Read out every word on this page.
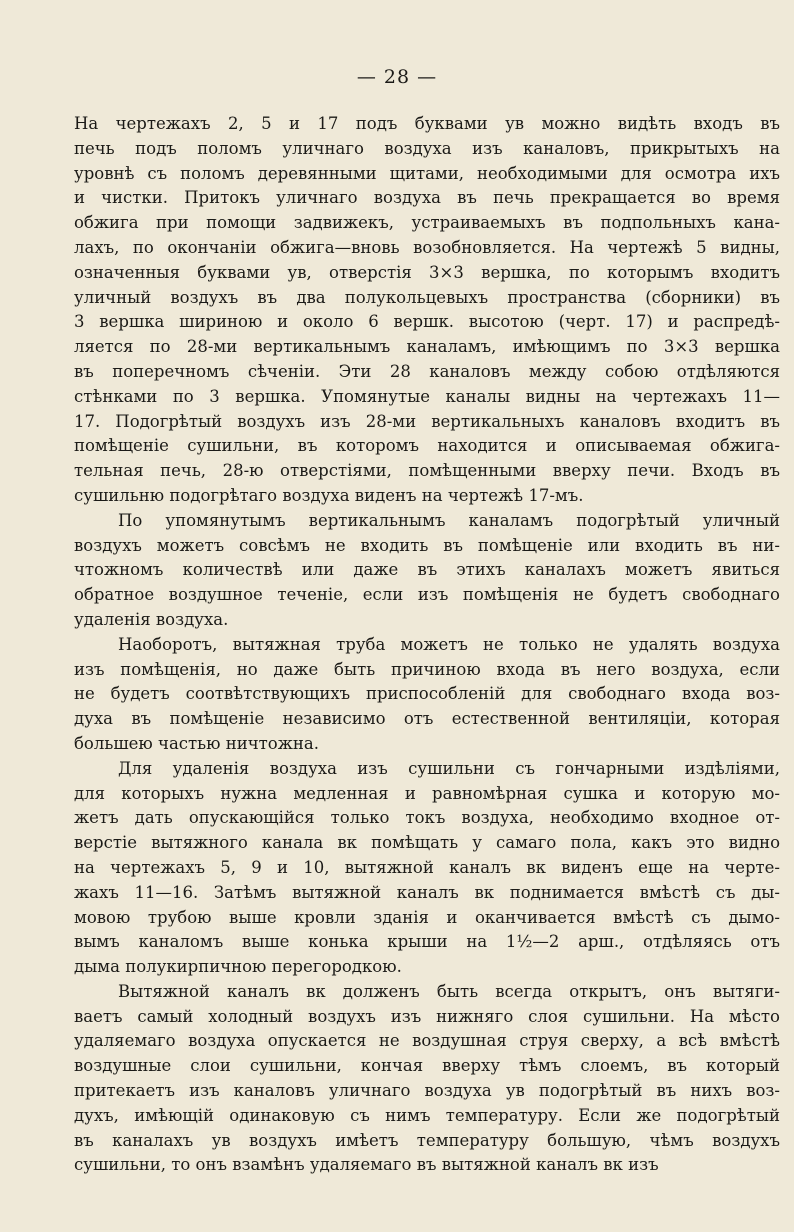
— 28 —
На чертежахъ 2, 5 и 17 подъ буквами ув можно видѣть входъ въ
печь подъ поломъ уличнаго воздуха изъ каналовъ, прикрытыхъ на
уровнѣ съ поломъ деревянными щитами, необходимыми для осмотра ихъ
и чистки. Притокъ уличнаго воздуха въ печь прекращается во время
обжига при помощи задвижекъ, устраиваемыхъ въ подпольныхъ кана-
лахъ, по окончаніи обжига—вновь возобновляется. На чертежѣ 5 видны,
означенныя буквами ув, отверстія 3×3 вершка, по которымъ входитъ
уличный воздухъ въ два полукольцевыхъ пространства (сборники) въ
3 вершка шириною и около 6 вершк. высотою (черт. 17) и распредѣ-
ляется по 28-ми вертикальнымъ каналамъ, имѣющимъ по 3×3 вершка
въ поперечномъ сѣченіи. Эти 28 каналовъ между собою отдѣляются
стѣнками по 3 вершка. Упомянутые каналы видны на чертежахъ 11—
17. Подогрѣтый воздухъ изъ 28-ми вертикальныхъ каналовъ входитъ въ
помѣщеніе сушильни, въ которомъ находится и описываемая обжига-
тельная печь, 28-ю отверстіями, помѣщенными вверху печи. Входъ въ
сушильню подогрѣтаго воздуха виденъ на чертежѣ 17-мъ.
По упомянутымъ вертикальнымъ каналамъ подогрѣтый уличный
воздухъ можетъ совсѣмъ не входить въ помѣщеніе или входить въ ни-
чтожномъ количествѣ или даже въ этихъ каналахъ можетъ явиться
обратное воздушное теченіе, если изъ помѣщенія не будетъ свободнаго
удаленія воздуха.
Наоборотъ, вытяжная труба можетъ не только не удалять воздуха
изъ помѣщенія, но даже быть причиною входа въ него воздуха, если
не будетъ соотвѣтствующихъ приспособленій для свободнаго входа воз-
духа въ помѣщеніе независимо отъ естественной вентиляціи, которая
большею частью ничтожна.
Для удаленія воздуха изъ сушильни съ гончарными издѣліями,
для которыхъ нужна медленная и равномѣрная сушка и которую мо-
жетъ дать опускающійся только токъ воздуха, необходимо входное от-
верстіе вытяжного канала вк помѣщать у самаго пола, какъ это видно
на чертежахъ 5, 9 и 10, вытяжной каналъ вк виденъ еще на черте-
жахъ 11—16. Затѣмъ вытяжной каналъ вк поднимается вмѣстѣ съ ды-
мовою трубою выше кровли зданія и оканчивается вмѣстѣ съ дымо-
вымъ каналомъ выше конька крыши на 1½—2 арш., отдѣляясь отъ
дыма полукирпичною перегородкою.
Вытяжной каналъ вк долженъ быть всегда открытъ, онъ вытяги-
ваетъ самый холодный воздухъ изъ нижняго слоя сушильни. На мѣсто
удаляемаго воздуха опускается не воздушная струя сверху, а всѣ вмѣстѣ
воздушные слои сушильни, кончая вверху тѣмъ слоемъ, въ который
притекаетъ изъ каналовъ уличнаго воздуха ув подогрѣтый въ нихъ воз-
духъ, имѣющій одинаковую съ нимъ температуру. Если же подогрѣтый
въ каналахъ ув воздухъ имѣетъ температуру большую, чѣмъ воздухъ
сушильни, то онъ взамѣнъ удаляемаго въ вытяжной каналъ вк изъ
